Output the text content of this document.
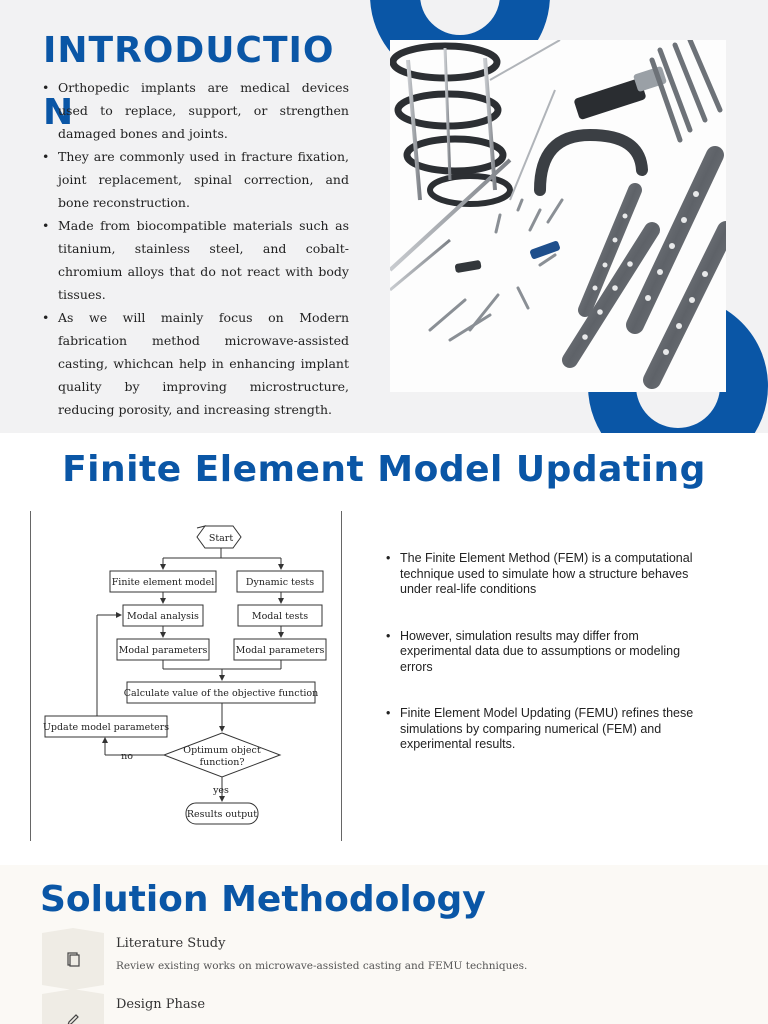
INTRODUCTION
• Orthopedic implants are medical devices used to replace, support, or strengthen damaged bones and joints.
• They are commonly used in fracture fixation, joint replacement, spinal correction, and bone reconstruction.
• Made from biocompatible materials such as titanium, stainless steel, and cobalt-chromium alloys that do not react with body tissues.
• As we will mainly focus on Modern fabrication method microwave-assisted casting, whichcan help in enhancing implant quality by improving microstructure, reducing porosity, and increasing strength.
Finite Element Model Updating
Start
Finite element model	Dynamic tests
Modal analysis	Modal tests
Modal parameters	Modal parameters
Calculate value of the objective function
Update model parameters
Optimum object
function?
no
yes
Results output
• The Finite Element Method (FEM) is a computational technique used to simulate how a structure behaves under real-life conditions
• However, simulation results may differ from experimental data due to assumptions or modeling errors
• Finite Element Model Updating (FEMU) refines these simulations by comparing numerical (FEM) and experimental results.
Solution Methodology
Literature Study
Review existing works on microwave-assisted casting and FEMU techniques.
Design Phase
